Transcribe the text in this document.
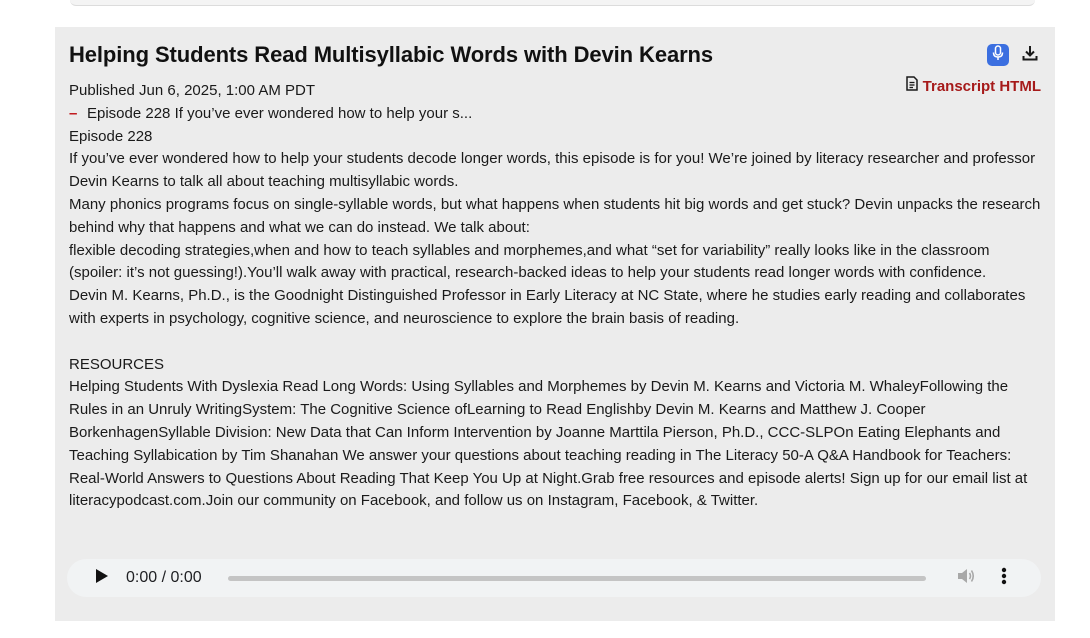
Helping Students Read Multisyllabic Words with Devin Kearns
Transcript HTML

Published Jun 6, 2025, 1:00 AM PDT

– Episode 228 If you’ve ever wondered how to help your s...

Episode 228

If you’ve ever wondered how to help your students decode longer words, this episode is for you! We’re joined by literacy researcher and professor Devin Kearns to talk all about teaching multisyllabic words.

Many phonics programs focus on single-syllable words, but what happens when students hit big words and get stuck? Devin unpacks the research behind why that happens and what we can do instead. We talk about:

flexible decoding strategies,when and how to teach syllables and morphemes,and what “set for variability” really looks like in the classroom (spoiler: it’s not guessing!).You’ll walk away with practical, research-backed ideas to help your students read longer words with confidence.

Devin M. Kearns, Ph.D., is the Goodnight Distinguished Professor in Early Literacy at NC State, where he studies early reading and collaborates with experts in psychology, cognitive science, and neuroscience to explore the brain basis of reading.

RESOURCES

Helping Students With Dyslexia Read Long Words: Using Syllables and Morphemes by Devin M. Kearns and Victoria M. WhaleyFollowing the Rules in an Unruly WritingSystem: The Cognitive Science ofLearning to Read Englishby Devin M. Kearns and Matthew J. Cooper BorkenhagenSyllable Division: New Data that Can Inform Intervention by Joanne Marttila Pierson, Ph.D., CCC-SLPOn Eating Elephants and Teaching Syllabication by Tim Shanahan We answer your questions about teaching reading in The Literacy 50-A Q&A Handbook for Teachers: Real-World Answers to Questions About Reading That Keep You Up at Night.Grab free resources and episode alerts! Sign up for our email list at literacypodcast.com.Join our community on Facebook, and follow us on Instagram, Facebook, & Twitter.

0:00 / 0:00
